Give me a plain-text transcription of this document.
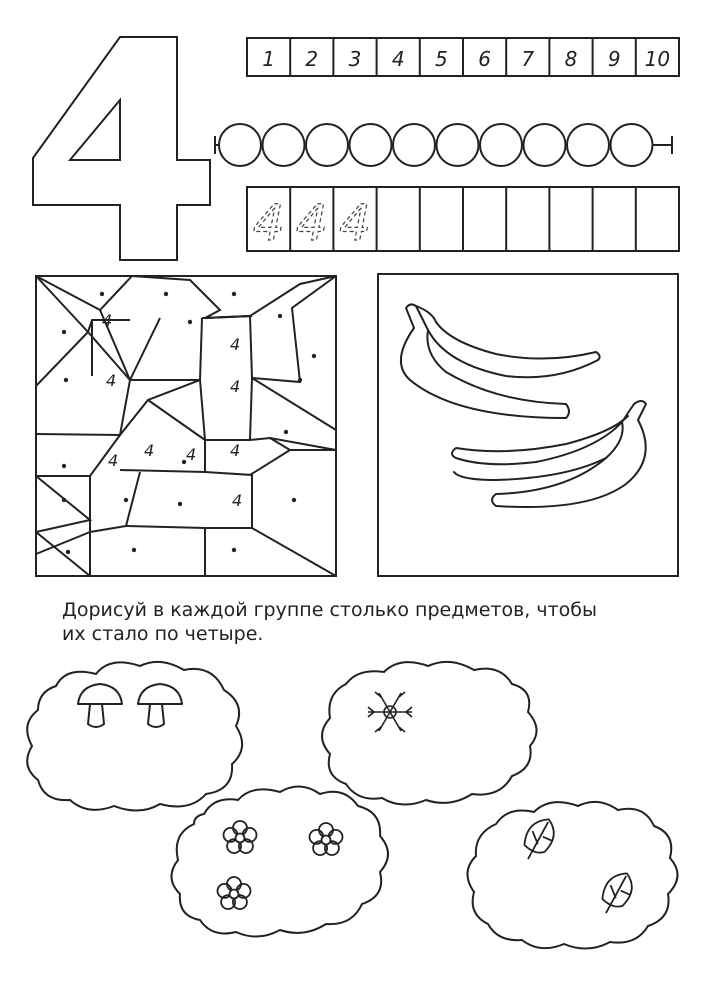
1 2 3 4 5 6 7 8 9 10
4 4 4
4
4
4
4
4
4 4 4
4
Дорисуй в каждой группе столько предметов, чтобы
их стало по четыре.
